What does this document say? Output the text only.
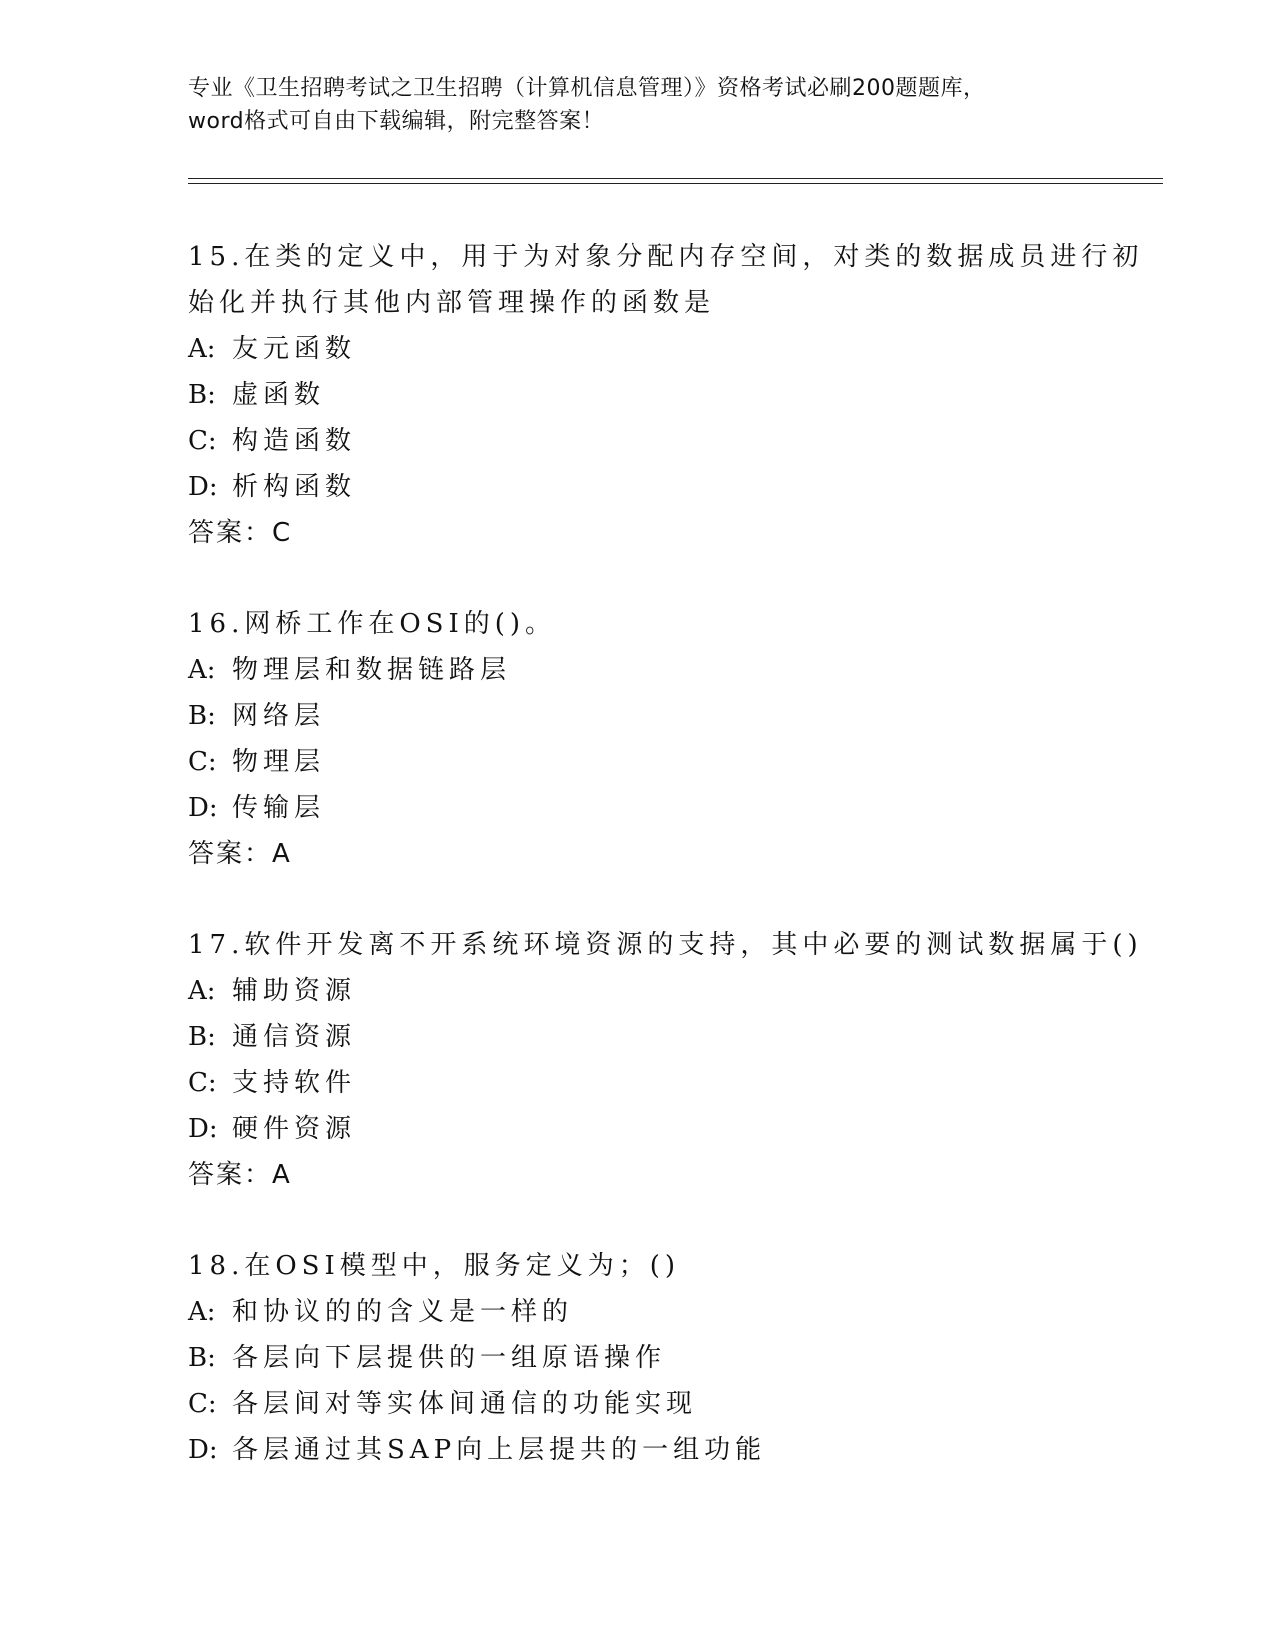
专业《卫生招聘考试之卫生招聘（计算机信息管理）》资格考试必刷200题题库，
word格式可自由下载编辑，附完整答案！
15.在类的定义中，用于为对象分配内存空间，对类的数据成员进行初
始化并执行其他内部管理操作的函数是
A: 友元函数
B: 虚函数
C: 构造函数
D: 析构函数
答案：C
16.网桥工作在OSI的()。
A: 物理层和数据链路层
B: 网络层
C: 物理层
D: 传输层
答案：A
17.软件开发离不开系统环境资源的支持，其中必要的测试数据属于()
A: 辅助资源
B: 通信资源
C: 支持软件
D: 硬件资源
答案：A
18.在OSI模型中，服务定义为；()
A: 和协议的的含义是一样的
B: 各层向下层提供的一组原语操作
C: 各层间对等实体间通信的功能实现
D: 各层通过其SAP向上层提共的一组功能
